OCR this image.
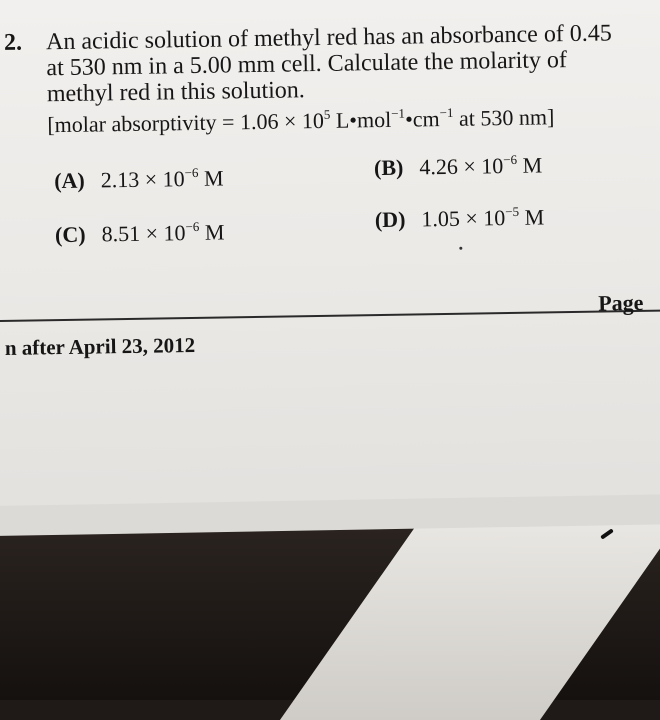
2. An acidic solution of methyl red has an absorbance of 0.45
at 530 nm in a 5.00 mm cell. Calculate the molarity of
methyl red in this solution.
[molar absorptivity = $1.06 \times 10^5$ $L•mol^{-1}•cm^{-1}$ at 530 nm]
(A) $2.13 \times 10^{-6}$ M	(B) $4.26 \times 10^{-6}$ M
(C) $8.51 \times 10^{-6}$ M
(D) $1.05 \times 10^{-5}$ M
n after April 23, 2012
Page
